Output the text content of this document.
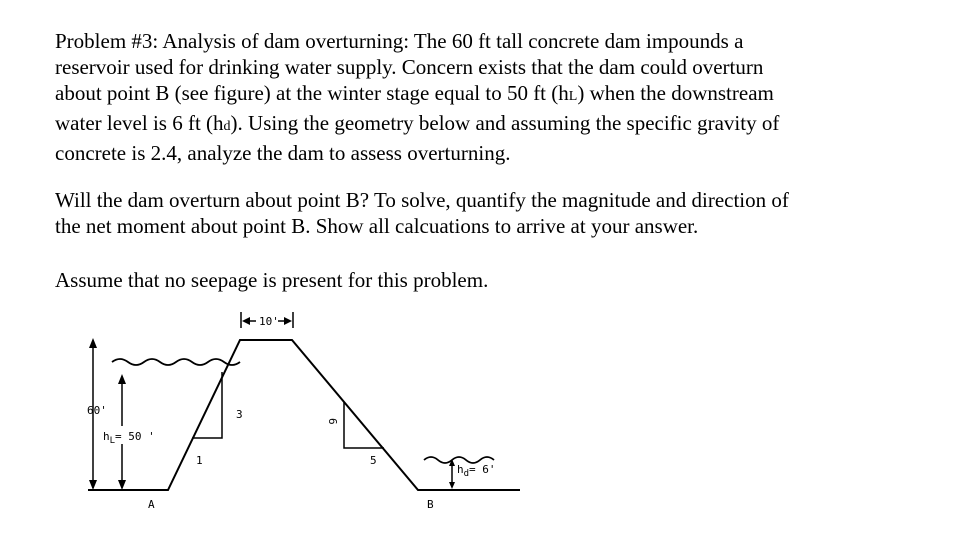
Problem #3: Analysis of dam overturning: The 60 ft tall concrete dam impounds a
reservoir used for drinking water supply. Concern exists that the dam could overturn
about point B (see figure) at the winter stage equal to 50 ft (hL) when the downstream
water level is 6 ft (hd). Using the geometry below and assuming the specific gravity of
concrete is 2.4, analyze the dam to assess overturning.
Will the dam overturn about point B? To solve, quantify the magnitude and direction of
the net moment about point B. Show all calcuations to arrive at your answer.
Assume that no seepage is present for this problem.
10'
60'
$h_L= 50$ '
3
1
6
5
$h_d= 6'$
A	B
